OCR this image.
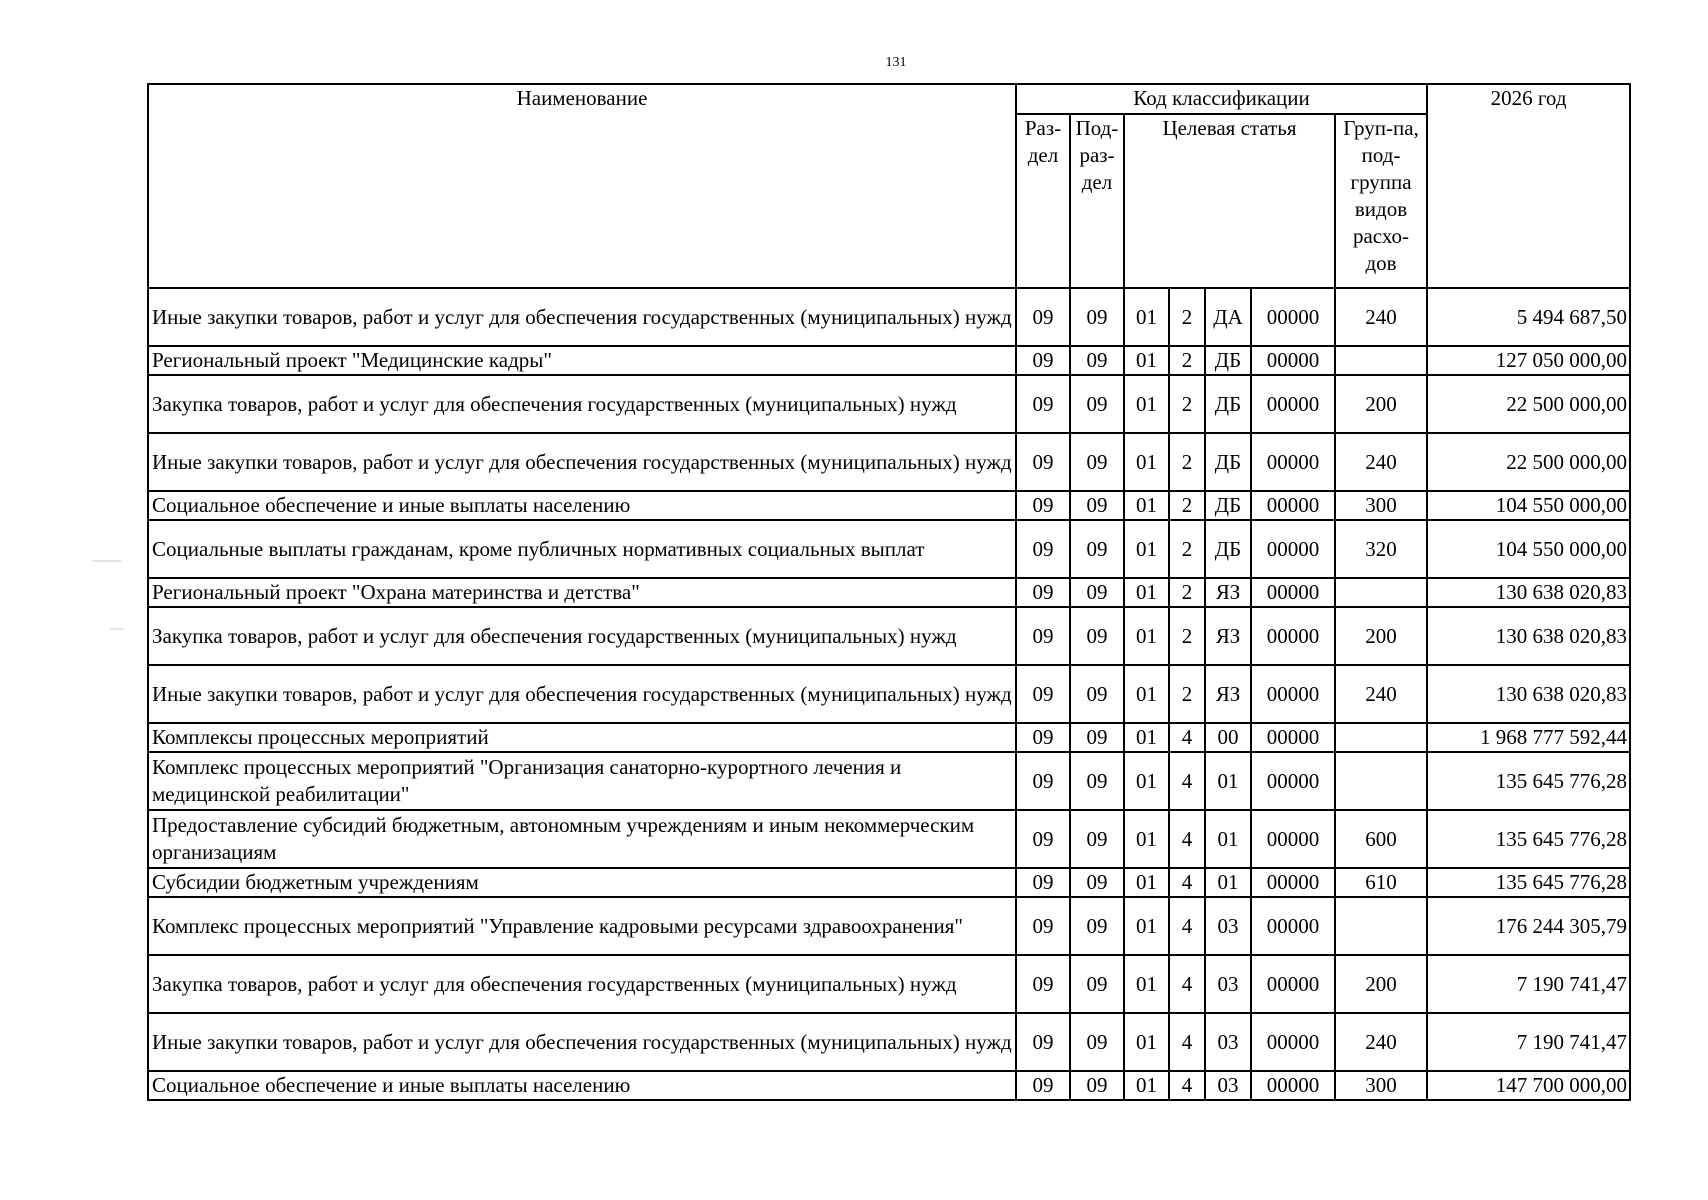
131
Наименование	Код классификации							2026 год
	Раз-дел	Под-раз-дел	Целевая статья				Груп-па, под-группа видов расхо-дов	
Иные закупки товаров, работ и услуг для обеспечения государственных (муниципальных) нужд	09	09	01	2	ДА	00000	240	5 494 687,50
Региональный проект "Медицинские кадры"	09	09	01	2	ДБ	00000		127 050 000,00
Закупка товаров, работ и услуг для обеспечения государственных (муниципальных) нужд	09	09	01	2	ДБ	00000	200	22 500 000,00
Иные закупки товаров, работ и услуг для обеспечения государственных (муниципальных) нужд	09	09	01	2	ДБ	00000	240	22 500 000,00
Социальное обеспечение и иные выплаты населению	09	09	01	2	ДБ	00000	300	104 550 000,00
Социальные выплаты гражданам, кроме публичных нормативных социальных выплат	09	09	01	2	ДБ	00000	320	104 550 000,00
Региональный проект "Охрана материнства и детства"	09	09	01	2	ЯЗ	00000		130 638 020,83
Закупка товаров, работ и услуг для обеспечения государственных (муниципальных) нужд	09	09	01	2	ЯЗ	00000	200	130 638 020,83
Иные закупки товаров, работ и услуг для обеспечения государственных (муниципальных) нужд	09	09	01	2	ЯЗ	00000	240	130 638 020,83
Комплексы процессных мероприятий	09	09	01	4	00	00000		1 968 777 592,44
Комплекс процессных мероприятий "Организация санаторно-курортного лечения и медицинской реабилитации"	09	09	01	4	01	00000		135 645 776,28
Предоставление субсидий бюджетным, автономным учреждениям и иным некоммерческим организациям	09	09	01	4	01	00000	600	135 645 776,28
Субсидии бюджетным учреждениям	09	09	01	4	01	00000	610	135 645 776,28
Комплекс процессных мероприятий "Управление кадровыми ресурсами здравоохранения"	09	09	01	4	03	00000		176 244 305,79
Закупка товаров, работ и услуг для обеспечения государственных (муниципальных) нужд	09	09	01	4	03	00000	200	7 190 741,47
Иные закупки товаров, работ и услуг для обеспечения государственных (муниципальных) нужд	09	09	01	4	03	00000	240	7 190 741,47
Социальное обеспечение и иные выплаты населению	09	09	01	4	03	00000	300	147 700 000,00
